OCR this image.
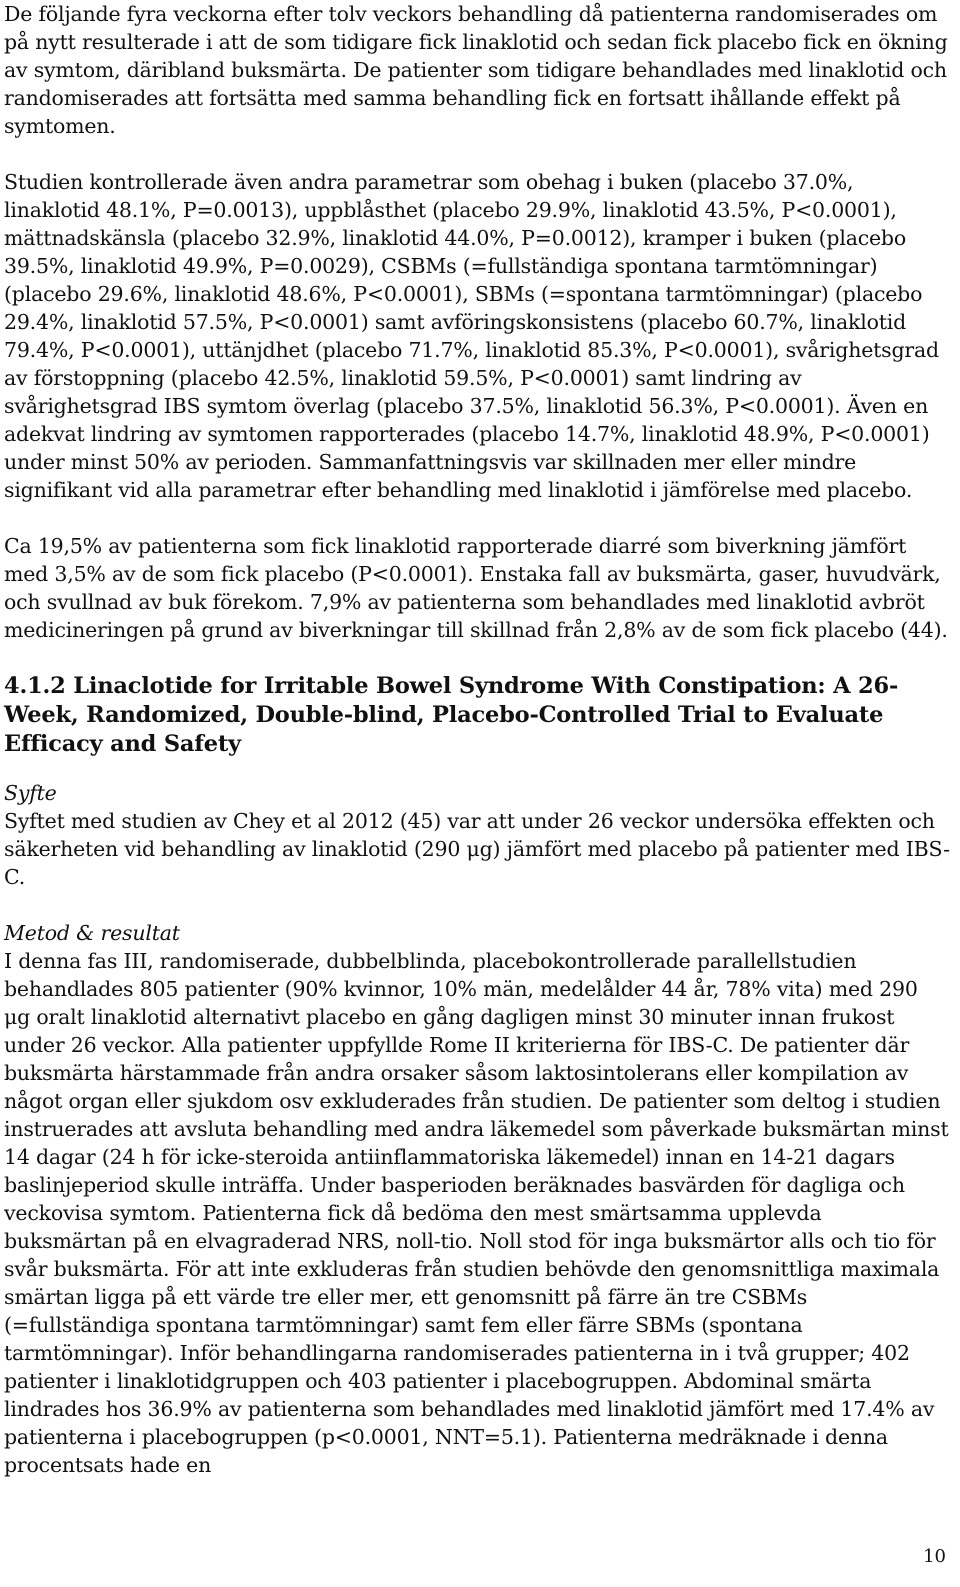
De följande fyra veckorna efter tolv veckors behandling då patienterna randomiserades om på nytt resulterade i att de som tidigare fick linaklotid och sedan fick placebo fick en ökning av symtom, däribland buksmärta. De patienter som tidigare behandlades med linaklotid och randomiserades att fortsätta med samma behandling fick en fortsatt ihållande effekt på symtomen.

Studien kontrollerade även andra parametrar som obehag i buken (placebo 37.0%, linaklotid 48.1%, P=0.0013), uppblåsthet (placebo 29.9%, linaklotid 43.5%, P<0.0001), mättnadskänsla (placebo 32.9%, linaklotid 44.0%, P=0.0012), kramper i buken (placebo 39.5%, linaklotid 49.9%, P=0.0029), CSBMs (=fullständiga spontana tarmtömningar) (placebo 29.6%, linaklotid 48.6%, P<0.0001), SBMs (=spontana tarmtömningar) (placebo 29.4%, linaklotid 57.5%, P<0.0001) samt avföringskonsistens (placebo 60.7%, linaklotid 79.4%, P<0.0001), uttänjdhet (placebo 71.7%, linaklotid 85.3%, P<0.0001), svårighetsgrad av förstoppning (placebo 42.5%, linaklotid 59.5%, P<0.0001) samt lindring av svårighetsgrad IBS symtom överlag (placebo 37.5%, linaklotid 56.3%, P<0.0001). Även en adekvat lindring av symtomen rapporterades (placebo 14.7%, linaklotid 48.9%, P<0.0001) under minst 50% av perioden. Sammanfattningsvis var skillnaden mer eller mindre signifikant vid alla parametrar efter behandling med linaklotid i jämförelse med placebo.

Ca 19,5% av patienterna som fick linaklotid rapporterade diarré som biverkning jämfört med 3,5% av de som fick placebo (P<0.0001). Enstaka fall av buksmärta, gaser, huvudvärk, och svullnad av buk förekom. 7,9% av patienterna som behandlades med linaklotid avbröt medicineringen på grund av biverkningar till skillnad från 2,8% av de som fick placebo (44).

4.1.2 Linaclotide for Irritable Bowel Syndrome With Constipation: A 26-Week, Randomized, Double-blind, Placebo-Controlled Trial to Evaluate Efficacy and Safety

Syfte

Syftet med studien av Chey et al 2012 (45) var att under 26 veckor undersöka effekten och säkerheten vid behandling av linaklotid (290 μg) jämfört med placebo på patienter med IBS-C.

Metod & resultat

I denna fas III, randomiserade, dubbelblinda, placebokontrollerade parallellstudien behandlades 805 patienter (90% kvinnor, 10% män, medelålder 44 år, 78% vita) med 290 μg oralt linaklotid alternativt placebo en gång dagligen minst 30 minuter innan frukost under 26 veckor. Alla patienter uppfyllde Rome II kriterierna för IBS-C. De patienter där buksmärta härstammade från andra orsaker såsom laktosintolerans eller kompilation av något organ eller sjukdom osv exkluderades från studien. De patienter som deltog i studien instruerades att avsluta behandling med andra läkemedel som påverkade buksmärtan minst 14 dagar (24 h för icke-steroida antiinflammatoriska läkemedel) innan en 14-21 dagars baslinjeperiod skulle inträffa. Under basperioden beräknades basvärden för dagliga och veckovisa symtom. Patienterna fick då bedöma den mest smärtsamma upplevda buksmärtan på en elvagraderad NRS, noll-tio. Noll stod för inga buksmärtor alls och tio för svår buksmärta. För att inte exkluderas från studien behövde den genomsnittliga maximala smärtan ligga på ett värde tre eller mer, ett genomsnitt på färre än tre CSBMs (=fullständiga spontana tarmtömningar) samt fem eller färre SBMs (spontana tarmtömningar). Inför behandlingarna randomiserades patienterna in i två grupper; 402 patienter i linaklotidgruppen och 403 patienter i placebogruppen. Abdominal smärta lindrades hos 36.9% av patienterna som behandlades med linaklotid jämfört med 17.4% av patienterna i placebogruppen (p<0.0001, NNT=5.1). Patienterna medräknade i denna procentsats hade en

10
